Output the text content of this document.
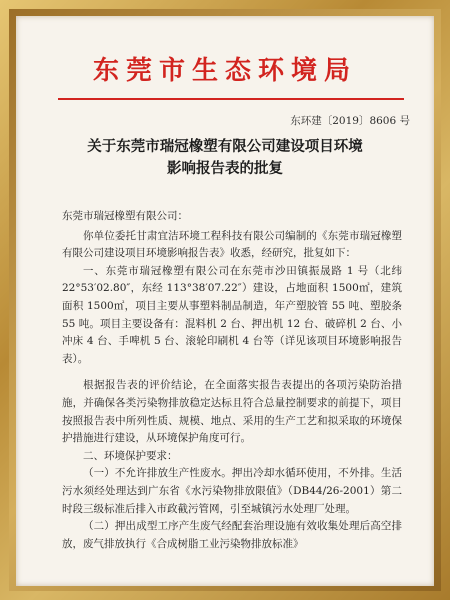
东莞市生态环境局
东环建〔2019〕8606 号
关于东莞市瑞冠橡塑有限公司建设项目环境
影响报告表的批复

东莞市瑞冠橡塑有限公司：

你单位委托甘肃宜洁环境工程科技有限公司编制的《东莞市瑞冠橡塑有限公司建设项目环境影响报告表》收悉，经研究，批复如下：

一、东莞市瑞冠橡塑有限公司在东莞市沙田镇振晟路 1 号（北纬 22°53′02.80″，东经 113°38′07.22″）建设，占地面积 1500㎡，建筑面积 1500㎡，项目主要从事塑料制品制造，年产塑胶管 55 吨、塑胶条 55 吨。项目主要设备有：混料机 2 台、押出机 12 台、破碎机 2 台、小冲床 4 台、手啤机 5 台、滚轮印刷机 4 台等（详见该项目环境影响报告表）。

根据报告表的评价结论，在全面落实报告表提出的各项污染防治措施，并确保各类污染物排放稳定达标且符合总量控制要求的前提下，项目按照报告表中所列性质、规模、地点、采用的生产工艺和拟采取的环境保护措施进行建设，从环境保护角度可行。

二、环境保护要求：

（一）不允许排放生产性废水。押出冷却水循环使用，不外排。生活污水须经处理达到广东省《水污染物排放限值》（DB44/26-2001）第二时段三级标准后排入市政截污管网，引至城镇污水处理厂处理。

（二）押出成型工序产生废气经配套治理设施有效收集处理后高空排放，废气排放执行《合成树脂工业污染物排放标准》
